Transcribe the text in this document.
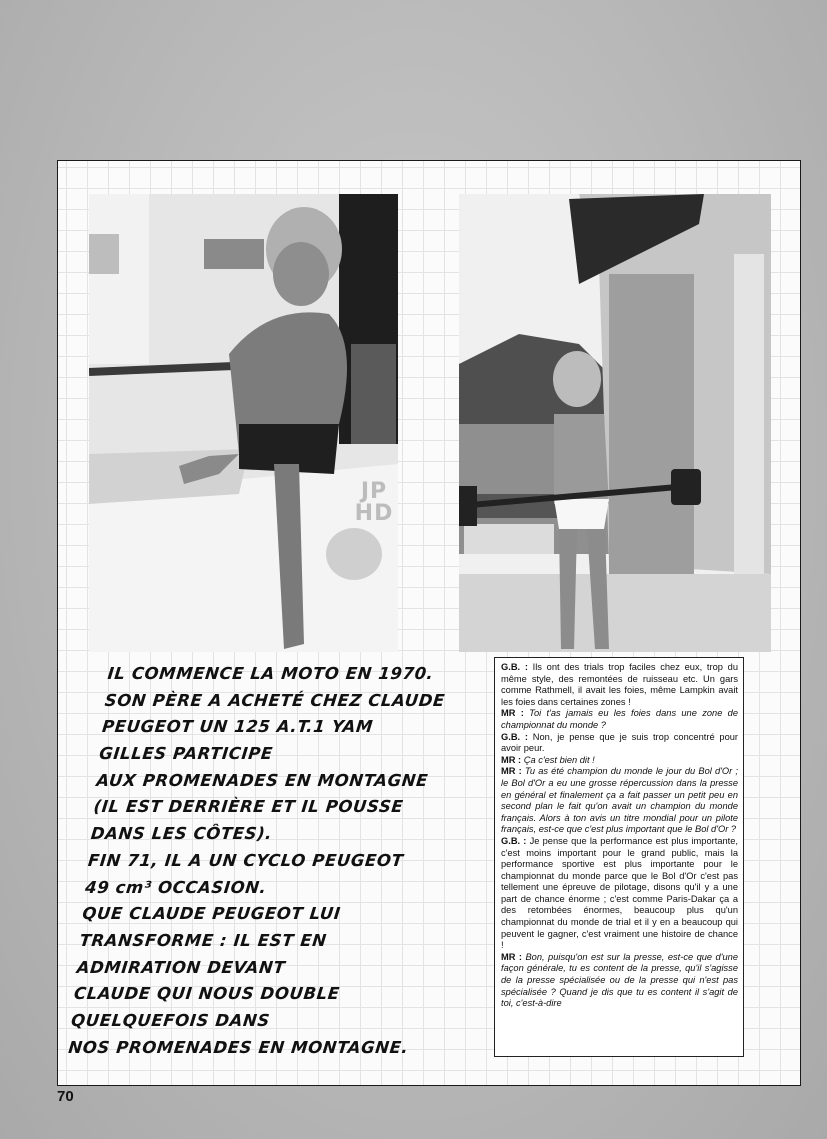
JP
HD
IL COMMENCE LA MOTO EN 1970.
SON PÈRE A ACHETÉ CHEZ CLAUDE
PEUGEOT UN 125 A.T.1 YAM
GILLES PARTICIPE
AUX PROMENADES EN MONTAGNE
(IL EST DERRIÈRE ET IL POUSSE
DANS LES CÔTES).
FIN 71, IL A UN CYCLO PEUGEOT
49 cm³ OCCASION.
QUE CLAUDE PEUGEOT LUI
TRANSFORME : IL EST EN
ADMIRATION DEVANT
CLAUDE QUI NOUS DOUBLE
QUELQUEFOIS DANS
NOS PROMENADES EN MONTAGNE.

G.B. : Ils ont des trials trop faciles chez eux, trop du même style, des remontées de ruisseau etc. Un gars comme Rathmell, il avait les foies, même Lampkin avait les foies dans certaines zones !

MR : Toi t'as jamais eu les foies dans une zone de championnat du monde ?

G.B. : Non, je pense que je suis trop concentré pour avoir peur.

MR : Ça c'est bien dit !

MR : Tu as été champion du monde le jour du Bol d'Or ; le Bol d'Or a eu une grosse répercussion dans la presse en général et finalement ça a fait passer un petit peu en second plan le fait qu'on avait un champion du monde français. Alors à ton avis un titre mondial pour un pilote français, est-ce que c'est plus important que le Bol d'Or ?

G.B. : Je pense que la performance est plus importante, c'est moins important pour le grand public, mais la performance sportive est plus importante pour le championnat du monde parce que le Bol d'Or c'est pas tellement une épreuve de pilotage, disons qu'il y a une part de chance énorme ; c'est comme Paris-Dakar ça a des retombées énormes, beaucoup plus qu'un championnat du monde de trial et il y en a beaucoup qui peuvent le gagner, c'est vraiment une histoire de chance !

MR : Bon, puisqu'on est sur la presse, est-ce que d'une façon générale, tu es content de la presse, qu'il s'agisse de la presse spécialisée ou de la presse qui n'est pas spécialisée ? Quand je dis que tu es content il s'agit de toi, c'est-à-dire

70
